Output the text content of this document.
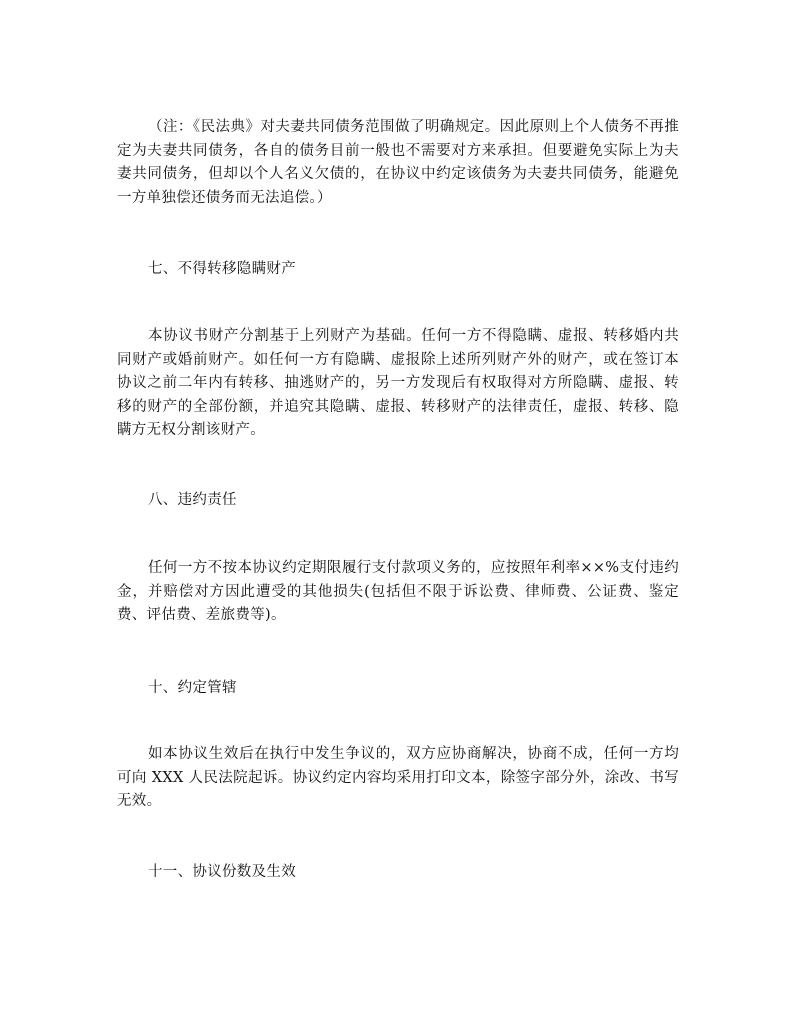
（注：《民法典》对夫妻共同债务范围做了明确规定。因此原则上个人债务不再推定为夫妻共同债务，各自的债务目前一般也不需要对方来承担。但要避免实际上为夫妻共同债务，但却以个人名义欠债的，在协议中约定该债务为夫妻共同债务，能避免一方单独偿还债务而无法追偿。）

七、不得转移隐瞒财产

本协议书财产分割基于上列财产为基础。任何一方不得隐瞒、虚报、转移婚内共同财产或婚前财产。如任何一方有隐瞒、虚报除上述所列财产外的财产，或在签订本协议之前二年内有转移、抽逃财产的，另一方发现后有权取得对方所隐瞒、虚报、转移的财产的全部份额，并追究其隐瞒、虚报、转移财产的法律责任，虚报、转移、隐瞒方无权分割该财产。

八、违约责任

任何一方不按本协议约定期限履行支付款项义务的，应按照年利率××%支付违约金，并赔偿对方因此遭受的其他损失(包括但不限于诉讼费、律师费、公证费、鉴定费、评估费、差旅费等)。

十、约定管辖

如本协议生效后在执行中发生争议的，双方应协商解决，协商不成，任何一方均可向 XXX 人民法院起诉。协议约定内容均采用打印文本，除签字部分外，涂改、书写无效。

十一、协议份数及生效
